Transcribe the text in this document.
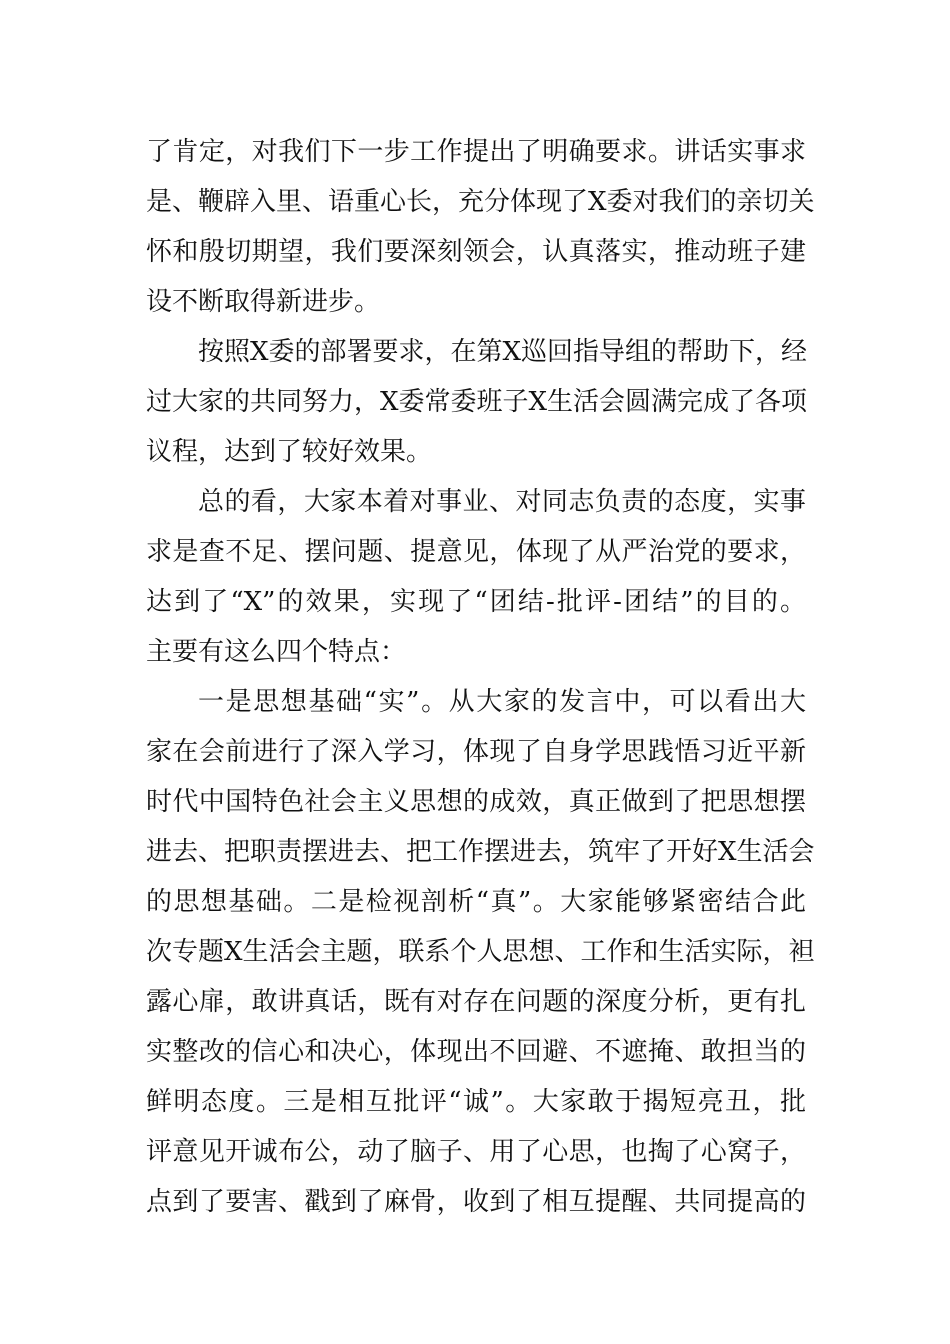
了肯定，对我们下一步工作提出了明确要求。讲话实事求
是、鞭辟入里、语重心长，充分体现了X委对我们的亲切关
怀和殷切期望，我们要深刻领会，认真落实，推动班子建
设不断取得新进步。
按照X委的部署要求，在第X巡回指导组的帮助下，经
过大家的共同努力，X委常委班子X生活会圆满完成了各项
议程，达到了较好效果。
总的看，大家本着对事业、对同志负责的态度，实事
求是查不足、摆问题、提意见，体现了从严治党的要求，
达到了“X”的效果，实现了“团结-批评-团结”的目的。
主要有这么四个特点：
一是思想基础“实”。从大家的发言中，可以看出大
家在会前进行了深入学习，体现了自身学思践悟习近平新
时代中国特色社会主义思想的成效，真正做到了把思想摆
进去、把职责摆进去、把工作摆进去，筑牢了开好X生活会
的思想基础。二是检视剖析“真”。大家能够紧密结合此
次专题X生活会主题，联系个人思想、工作和生活实际，袒
露心扉，敢讲真话，既有对存在问题的深度分析，更有扎
实整改的信心和决心，体现出不回避、不遮掩、敢担当的
鲜明态度。三是相互批评“诚”。大家敢于揭短亮丑，批
评意见开诚布公，动了脑子、用了心思，也掏了心窝子，
点到了要害、戳到了麻骨，收到了相互提醒、共同提高的
